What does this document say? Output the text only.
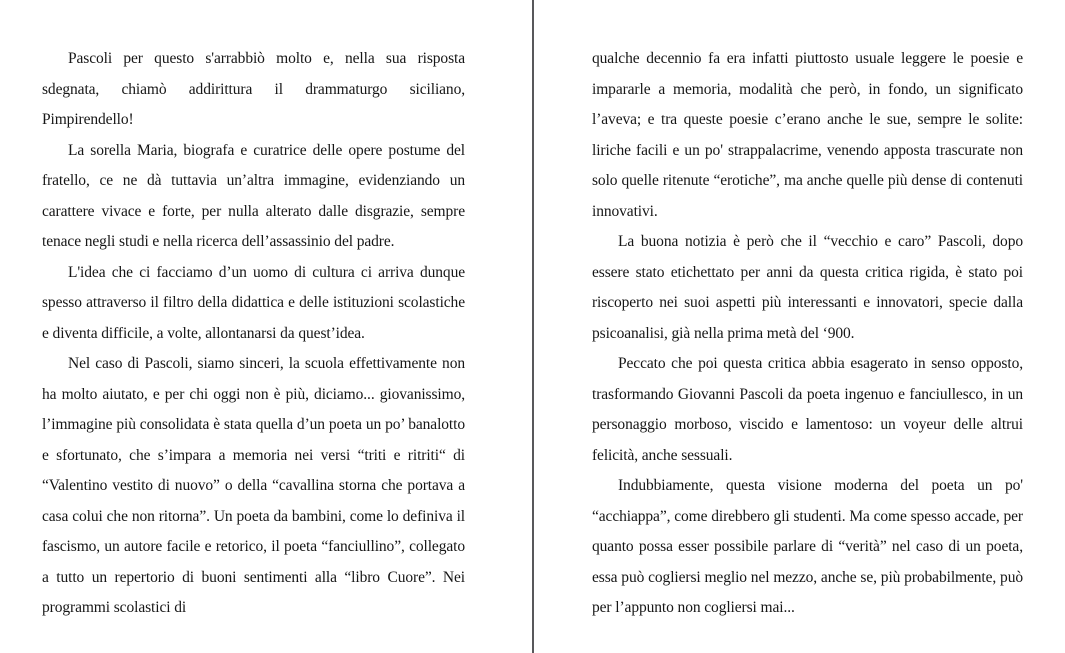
Pascoli per questo s'arrabbiò molto e, nella sua risposta sdegnata, chiamò addirittura il drammaturgo siciliano, Pimpirendello!

La sorella Maria, biografa e curatrice delle opere postume del fratello, ce ne dà tuttavia un’altra immagine, evidenziando un carattere vivace e forte, per nulla alterato dalle disgrazie, sempre tenace negli studi e nella ricerca dell’assassinio del padre.

L'idea che ci facciamo d’un uomo di cultura ci arriva dunque spesso attraverso il filtro della didattica e delle istituzioni scolastiche e diventa difficile, a volte, allontanarsi da quest’idea.

Nel caso di Pascoli, siamo sinceri, la scuola effettivamente non ha molto aiutato, e per chi oggi non è più, diciamo... giovanissimo, l’immagine più consolidata è stata quella d’un poeta un po’ banalotto e sfortunato, che s’impara a memoria nei versi “triti e ritriti“ di “Valentino vestito di nuovo” o della “cavallina storna che portava a casa colui che non ritorna”. Un poeta da bambini, come lo definiva il fascismo, un autore facile e retorico, il poeta “fanciullino”, collegato a tutto un repertorio di buoni sentimenti alla “libro Cuore”. Nei programmi scolastici di

qualche decennio fa era infatti piuttosto usuale leggere le poesie e impararle a memoria, modalità che però, in fondo, un significato l’aveva; e tra queste poesie c’erano anche le sue, sempre le solite: liriche facili e un po' strappalacrime, venendo apposta trascurate non solo quelle ritenute “erotiche”, ma anche quelle più dense di contenuti innovativi.

La buona notizia è però che il “vecchio e caro” Pascoli, dopo essere stato etichettato per anni da questa critica rigida, è stato poi riscoperto nei suoi aspetti più interessanti e innovatori, specie dalla psicoanalisi, già nella prima metà del ‘900.

Peccato che poi questa critica abbia esagerato in senso opposto, trasformando Giovanni Pascoli da poeta ingenuo e fanciullesco, in un personaggio morboso, viscido e lamentoso: un voyeur delle altrui felicità, anche sessuali.

Indubbiamente, questa visione moderna del poeta un po' “acchiappa”, come direbbero gli studenti. Ma come spesso accade, per quanto possa esser possibile parlare di “verità” nel caso di un poeta, essa può cogliersi meglio nel mezzo, anche se, più probabilmente, può per l’appunto non cogliersi mai...
